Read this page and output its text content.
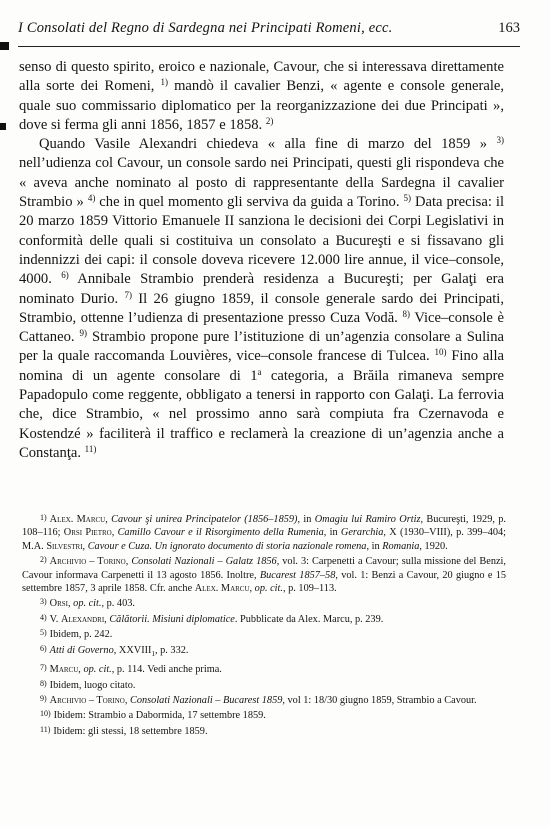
I Consolati del Regno di Sardegna nei Principati Romeni, ecc.	163

senso di questo spirito, eroico e nazionale, Cavour, che si interessava direttamente alla sorte dei Romeni, $^{1)}$ mandò il cavalier Benzi, « agente e console generale, quale suo commissario diplomatico per la reorganizzazione dei due Principati », dove si ferma gli anni 1856, 1857 e 1858. $^{2)}$

Quando Vasile Alexandri chiedeva « alla fine di marzo del 1859 » $^{3)}$ nell’udienza col Cavour, un console sardo nei Principati, questi gli rispondeva che « aveva anche nominato al posto di rappresentante della Sardegna il cavalier Strambio » $^{4)}$ che in quel momento gli serviva da guida a Torino. $^{5)}$ Data precisa: il 20 marzo 1859 Vittorio Emanuele II sanziona le decisioni dei Corpi Legislativi in conformità delle quali si costituiva un consolato a Bucureşti e si fissavano gli indennizzi dei capi: il console doveva ricevere 12.000 lire annue, il vice–console, 4000. $^{6)}$ Annibale Strambio prenderà residenza a Bucureşti; per Galaţi era nominato Durio. $^{7)}$ Il 26 giugno 1859, il console generale sardo dei Principati, Strambio, ottenne l’udienza di presentazione presso Cuza Vodă. $^{8)}$ Vice–console è Cattaneo. $^{9)}$ Strambio propone pure l’istituzione di un’agenzia consolare a Sulina per la quale raccomanda Louvières, vice–console francese di Tulcea. $^{10)}$ Fino alla nomina di un agente consolare di 1$^a$ categoria, a Brăila rimaneva sempre Papadopulo come reggente, obbligato a tenersi in rapporto con Galaţi. La ferrovia che, dice Strambio, « nel prossimo anno sarà compiuta fra Czernavoda e Kostendzé » faciliterà il traffico e reclamerà la creazione di un’agenzia anche a Constanţa. $^{11)}$

1) Alex. Marcu, Cavour şi unirea Principatelor (1856–1859), in Omagiu lui Ramiro Ortiz, Bucureşti, 1929, p. 108–116; Orsi Pietro, Camillo Cavour e il Risorgimento della Rumenia, in Gerarchia, X (1930–VIII), p. 399–404; M.A. Silvestri, Cavour e Cuza. Un ignorato documento di storia nazionale romena, in Romania, 1920.

2) Archivio – Torino, Consolati Nazionali – Galatz 1856, vol. 3: Carpenetti a Cavour; sulla missione del Benzi, Cavour informava Carpenetti il 13 agosto 1856. Inoltre, Bucarest 1857–58, vol. 1: Benzi a Cavour, 20 giugno e 15 settembre 1857, 3 aprile 1858. Cfr. anche Alex. Marcu, op. cit., p. 109–113.

3) Orsi, op. cit., p. 403.

4) V. Alexandri, Călătorii. Misiuni diplomatice. Pubblicate da Alex. Marcu, p. 239.

5) Ibidem, p. 242.

6) Atti di Governo, $XXVIII_1$, p. 332.

7) Marcu, op. cit., p. 114. Vedi anche prima.

8) Ibidem, luogo citato.

9) Archivio – Torino, Consolati Nazionali – Bucarest 1859, vol 1: 18/30 giugno 1859, Strambio a Cavour.

10) Ibidem: Strambio a Dabormida, 17 settembre 1859.

11) Ibidem: gli stessi, 18 settembre 1859.
